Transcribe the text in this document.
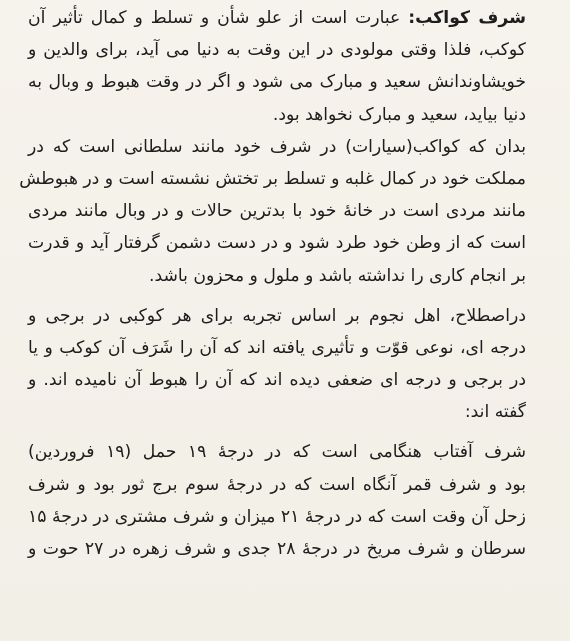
شرف کواکب: عبارت است از علو شأن و تسلط و کمال تأثیر آن
کوکب، فلذا وقتی مولودی در این وقت به دنیا می آید، برای والدین و
خویشاوندانش سعید و مبارک می شود و اگر در وقت هبوط و وبال به
دنیا بیاید، سعید و مبارک نخواهد بود.
بدان که کواکب(سیارات) در شرف خود مانند سلطانی است که در
مملکت خود در کمال غلبه و تسلط بر تختش نشسته است و در هبوطش
مانند مردی است در خانهٔ خود با بدترین حالات و در وبال مانند مردی
است که از وطن خود طرد شود و در دست دشمن گرفتار آید و قدرت
بر انجام کاری را نداشته باشد و ملول و محزون باشد.
دراصطلاح، اهل نجوم بر اساس تجربه برای هر کوکبی در برجی و
درجه ای، نوعی قوّت و تأثیری یافته اند که آن را شَرَف آن کوکب و یا
در برجی و درجه ای ضعفی دیده اند که آن را هبوط آن نامیده اند. و
گفته اند:
شرف آفتاب هنگامی است که در درجهٔ ۱۹ حمل (۱۹ فروردین)
بود و شرف قمر آنگاه است که در درجهٔ سوم برج ثور بود و شرف
زحل آن وقت است که در درجهٔ ۲۱ میزان و شرف مشتری در درجهٔ ۱۵
سرطان و شرف مریخ در درجهٔ ۲۸ جدی و شرف زهره در ۲۷ حوت و
